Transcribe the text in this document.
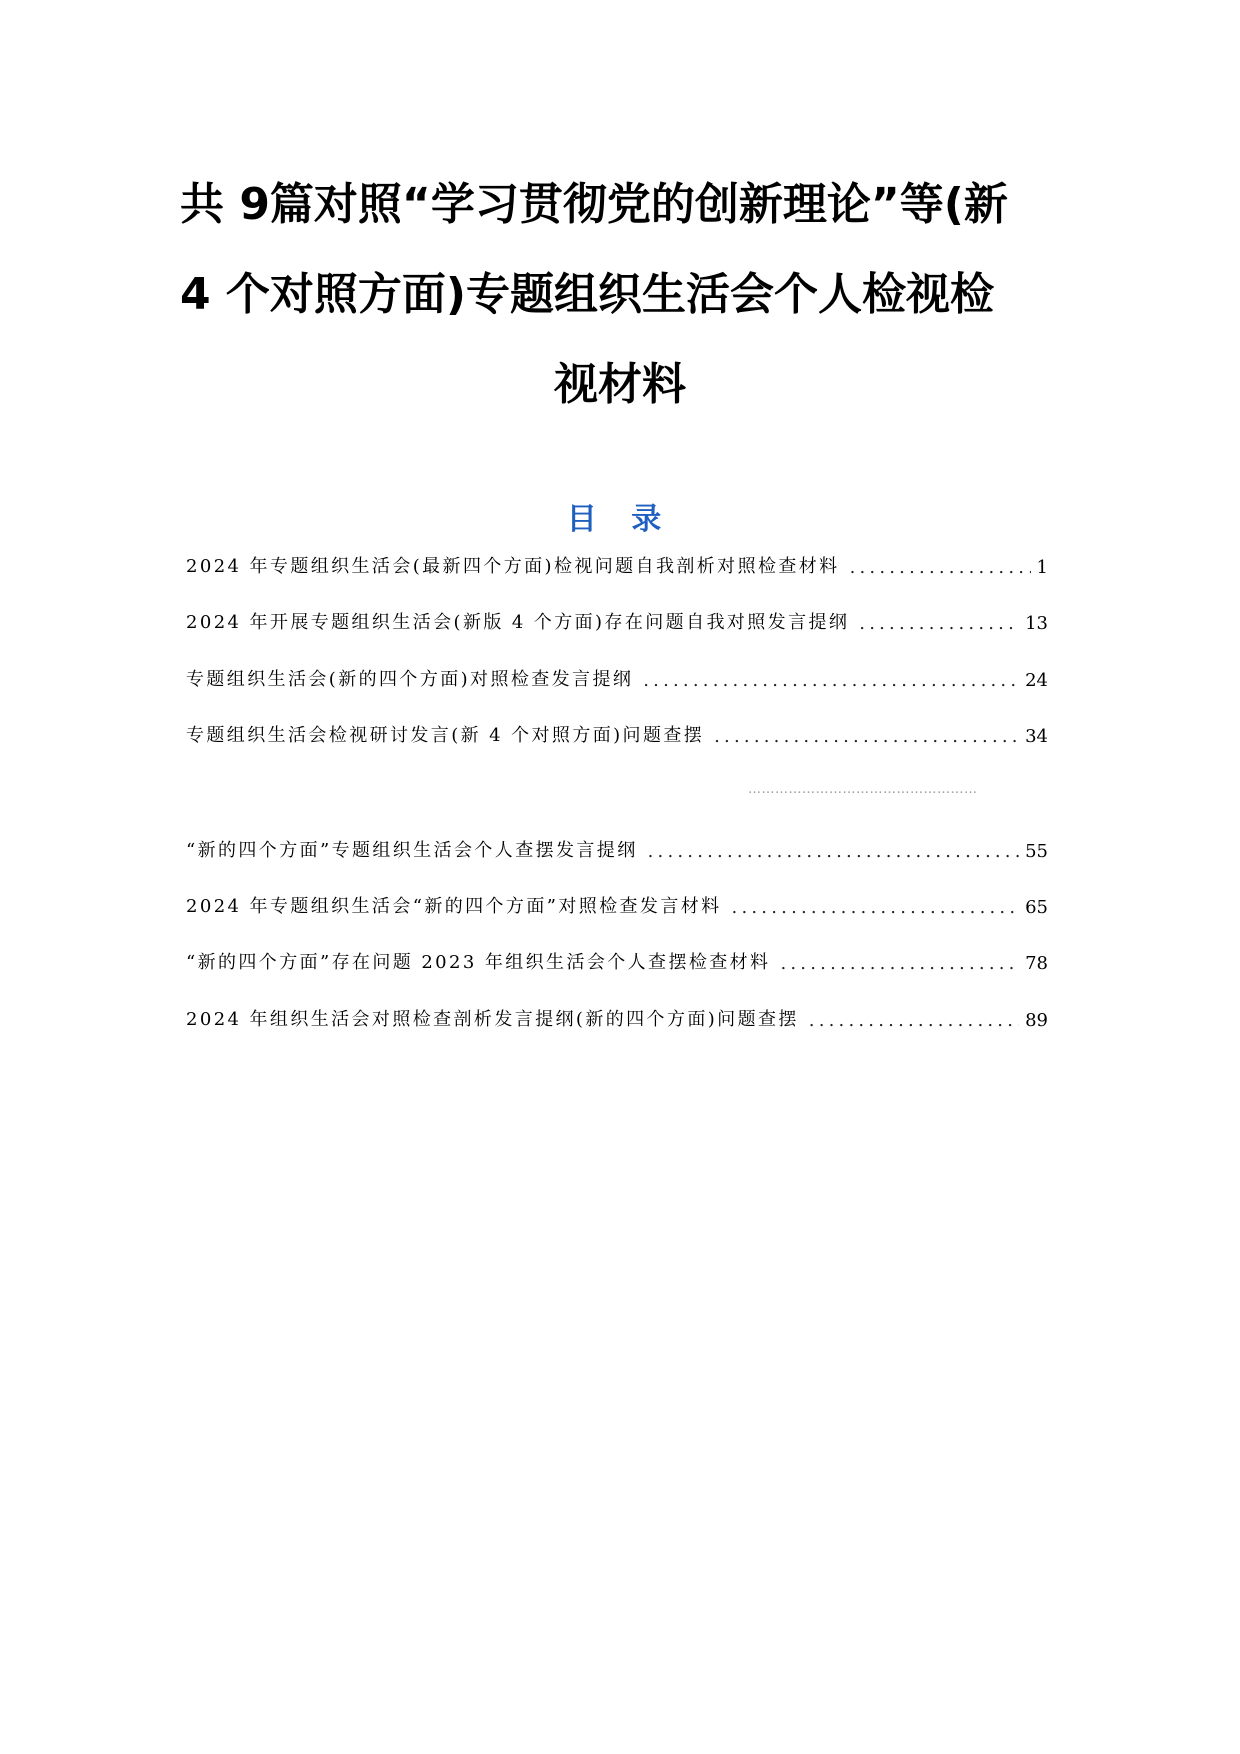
共 9篇对照“学习贯彻党的创新理论”等(新
4 个对照方面)专题组织生活会个人检视检
视材料
目 录
2024 年专题组织生活会(最新四个方面)检视问题自我剖析对照检查材料 .....	1
2024 年开展专题组织生活会(新版 4 个方面)存在问题自我对照发言提纲 .....	13
专题组织生活会(新的四个方面)对照检查发言提纲 .....	24
专题组织生活会检视研讨发言(新 4 个对照方面)问题查摆 .....	34
“新的四个方面”专题组织生活会个人查摆发言提纲 .....	55
2024 年专题组织生活会“新的四个方面”对照检查发言材料 .....	65
“新的四个方面”存在问题 2023 年组织生活会个人查摆检查材料 .....	78
2024 年组织生活会对照检查剖析发言提纲(新的四个方面)问题查摆 .....	89
……………………………………………
